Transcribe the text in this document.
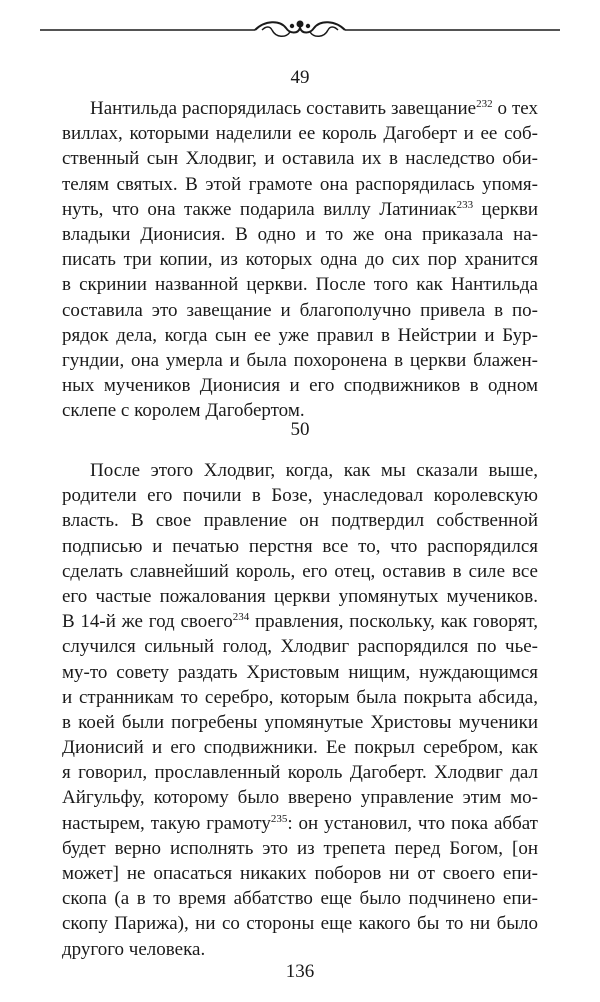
49
Нантильда распорядилась составить завещание$^{232}$ о тех
виллах, которыми наделили ее король Дагоберт и ее соб-
ственный сын Хлодвиг, и оставила их в наследство оби-
телям святых. В этой грамоте она распорядилась упомя-
нуть, что она также подарила виллу Латиниак$^{233}$ церкви
владыки Дионисия. В одно и то же она приказала на-
писать три копии, из которых одна до сих пор хранится
в скринии названной церкви. После того как Нантильда
составила это завещание и благополучно привела в по-
рядок дела, когда сын ее уже правил в Нейстрии и Бур-
гундии, она умерла и была похоронена в церкви блажен-
ных мучеников Дионисия и его сподвижников в одном
склепе с королем Дагобертом.
50
После этого Хлодвиг, когда, как мы сказали выше,
родители его почили в Бозе, унаследовал королевскую
власть. В свое правление он подтвердил собственной
подписью и печатью перстня все то, что распорядился
сделать славнейший король, его отец, оставив в силе все
его частые пожалования церкви упомянутых мучеников.
В 14-й же год своего$^{234}$ правления, поскольку, как говорят,
случился сильный голод, Хлодвиг распорядился по чье-
му-то совету раздать Христовым нищим, нуждающимся
и странникам то серебро, которым была покрыта абсида,
в коей были погребены упомянутые Христовы мученики
Дионисий и его сподвижники. Ее покрыл серебром, как
я говорил, прославленный король Дагоберт. Хлодвиг дал
Айгульфу, которому было вверено управление этим мо-
настырем, такую грамоту$^{235}$: он установил, что пока аббат
будет верно исполнять это из трепета перед Богом, [он
может] не опасаться никаких поборов ни от своего епи-
скопа (а в то время аббатство еще было подчинено епи-
скопу Парижа), ни со стороны еще какого бы то ни было
другого человека.
136
